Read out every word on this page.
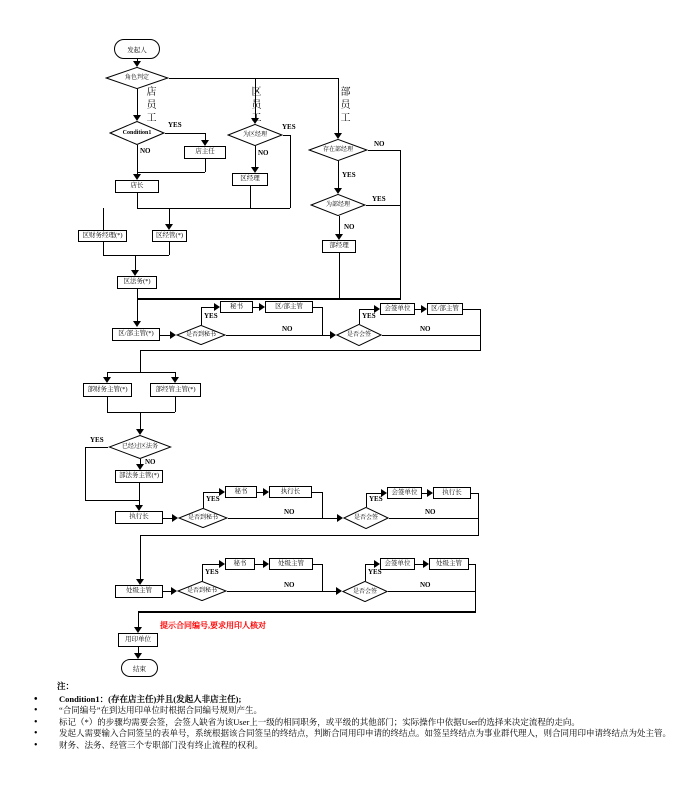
发起人
角色判定
店员工
区员工
部员工
Condition1
YES
店主任
NO
店长
为区经理
YES
NO
区经理
区财务经理(*)	区经管(*)
区法务(*)
存在部经理
NO
YES
为部经理
YES
NO
部经理
区/部主管(*)	是否到秘书
YES
秘书	区/部主管
NO
是否会签
YES
会签单位	区/部主管
NO
部财务主管(*)	部经管主管(*)
已经过区法务
YES
NO
部法务主管(*)
执行长	是否到秘书
YES
秘书	执行长
NO
是否会签
YES
会签单位	执行长
NO
处级主管	是否到秘书
YES
秘书	处级主管
NO
是否会签
YES
会签单位	处级主管
NO
提示合同编号,要求用印人核对
用印单位
结束
注：
• Condition1：(存在店主任)并且(发起人非店主任);
• “合同编号”在到达用印单位时根据合同编号规则产生。
• 标记（*）的步骤均需要会签，会签人缺省为该User上一级的相同职务，或平级的其他部门；实际操作中依据User的选择来决定流程的走向。
• 发起人需要输入合同签呈的表单号，系统根据该合同签呈的终结点，判断合同用印申请的终结点。如签呈终结点为事业群代理人，则合同用印申请终结点为处主管。
• 财务、法务、经管三个专职部门没有终止流程的权利。
